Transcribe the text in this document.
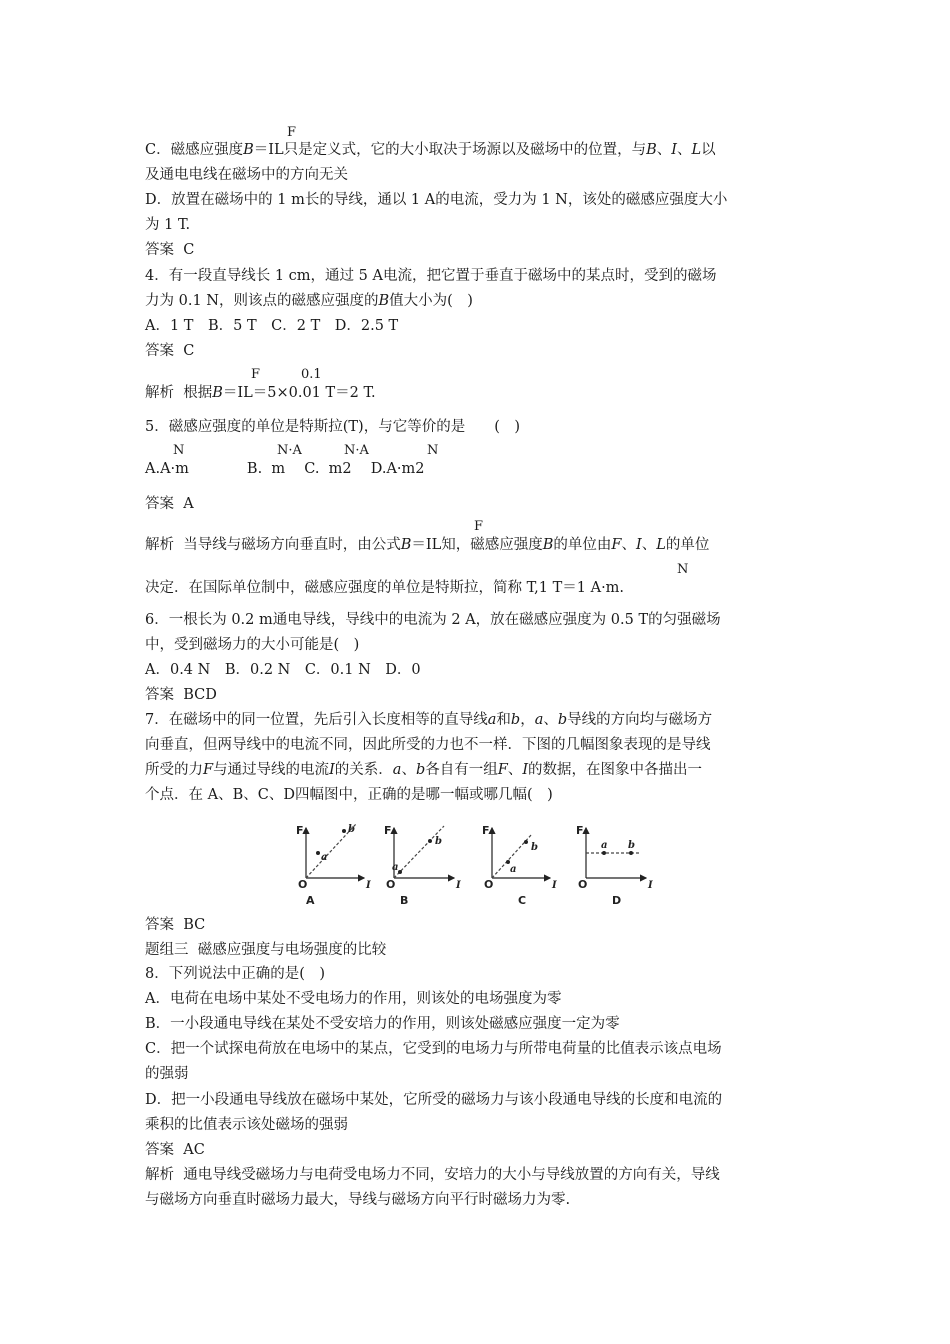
F
C．磁感应强度B＝IL只是定义式，它的大小取决于场源以及磁场中的位置，与B、I、L以
及通电电线在磁场中的方向无关
D．放置在磁场中的 1 m长的导线，通以 1 A的电流，受力为 1 N，该处的磁感应强度大小
为 1 T.
答案  C
4．有一段直导线长 1 cm，通过 5 A电流，把它置于垂直于磁场中的某点时，受到的磁场
力为 0.1 N，则该点的磁感应强度的B值大小为(　)
A．1 T　B．5 T　C．2 T　D．2.5 T
答案  C
F	0.1
解析  根据B＝IL＝5×0.01 T＝2 T.
5．磁感应强度的单位是特斯拉(T)，与它等价的是　　(　)
N	N·A	N·A	N
A.A·m　　　　B.  m　 C.  m2　 D.A·m2
答案  A
F
解析  当导线与磁场方向垂直时，由公式B＝IL知，磁感应强度B的单位由F、I、L的单位
N
决定．在国际单位制中，磁感应强度的单位是特斯拉，简称 T,1 T＝1 A·m.
6．一根长为 0.2 m通电导线，导线中的电流为 2 A，放在磁感应强度为 0.5 T的匀强磁场
中，受到磁场力的大小可能是(　)
A．0.4 N　B．0.2 N　C．0.1 N　D．0
答案  BCD
7．在磁场中的同一位置，先后引入长度相等的直导线a和b，a、b导线的方向均与磁场方
向垂直，但两导线中的电流不同，因此所受的力也不一样．下图的几幅图象表现的是导线
所受的力F与通过导线的电流I的关系．a、b各自有一组F、I的数据，在图象中各描出一
个点．在 A、B、C、D四幅图中，正确的是哪一幅或哪几幅(　)
a
b
F
I
O
A
a
b
F
I
O
B
a
b
F
I
O
C
a b
F
I
O
D
答案  BC
题组三  磁感应强度与电场强度的比较
8．下列说法中正确的是(　)
A．电荷在电场中某处不受电场力的作用，则该处的电场强度为零
B．一小段通电导线在某处不受安培力的作用，则该处磁感应强度一定为零
C．把一个试探电荷放在电场中的某点，它受到的电场力与所带电荷量的比值表示该点电场
的强弱
D．把一小段通电导线放在磁场中某处，它所受的磁场力与该小段通电导线的长度和电流的
乘积的比值表示该处磁场的强弱
答案  AC
解析  通电导线受磁场力与电荷受电场力不同，安培力的大小与导线放置的方向有关，导线
与磁场方向垂直时磁场力最大，导线与磁场方向平行时磁场力为零.
